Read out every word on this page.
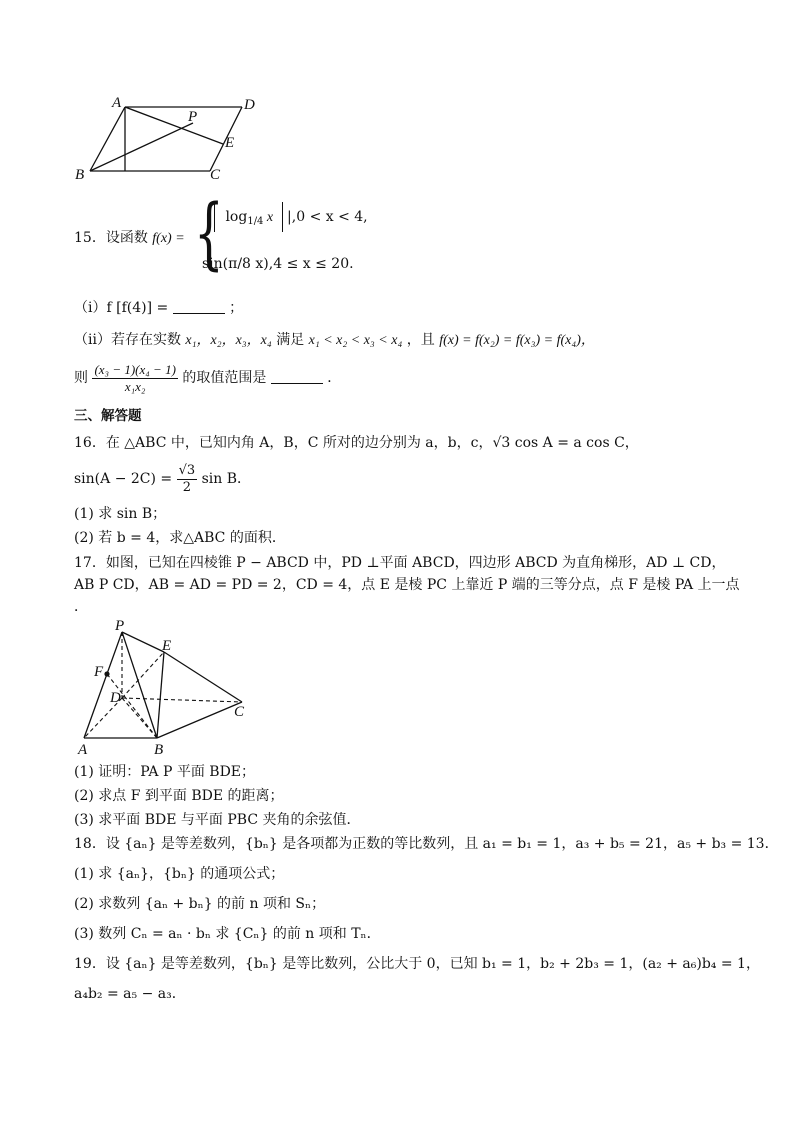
A	D
P
E
B	C
15．设函数 f(x) = { $\log_{1/4} x$ |,0 < x < 4,
sin(π/8 x),4 ≤ x ≤ 20.
（ⅰ）f [f(4)] =	；
（ⅱ）若存在实数 x₁，x₂，x₃，x₄ 满足 x₁ < x₂ < x₃ < x₄ ，且 f(x) = f(x₂) = f(x₃) = f(x₄)，
则 $\frac{\text{(x₃ − 1)(x₄ − 1)}}{\text{x₁x₂}}$ 的取值范围是	．
三、解答题
16．在 △ABC 中，已知内角 A，B，C 所对的边分别为 a，b，c，√3 cos A = a cos C，
$\sin(A - 2C) = \frac{√3}{2}$ sin B．
(1) 求 sin B；
(2) 若 b = 4，求△ABC 的面积．
17．如图，已知在四棱锥 P − ABCD 中，PD ⊥平面 ABCD，四边形 ABCD 为直角梯形，AD ⊥ CD，
AB P CD，AB = AD = PD = 2，CD = 4，点 E 是棱 PC 上靠近 P 端的三等分点，点 F 是棱 PA 上一点
．
P
E
F
D
C
A	B
(1) 证明：PA P 平面 BDE；
(2) 求点 F 到平面 BDE 的距离；
(3) 求平面 BDE 与平面 PBC 夹角的余弦值．
18．设 {aₙ} 是等差数列，{bₙ} 是各项都为正数的等比数列，且 a₁ = b₁ = 1，a₃ + b₅ = 21，a₅ + b₃ = 13．
(1) 求 {aₙ}，{bₙ} 的通项公式；
(2) 求数列 {aₙ + bₙ} 的前 n 项和 Sₙ；
(3) 数列 Cₙ = aₙ · bₙ 求 {Cₙ} 的前 n 项和 Tₙ．
19．设 {aₙ} 是等差数列，{bₙ} 是等比数列，公比大于 0，已知 b₁ = 1，b₂ + 2b₃ = 1，(a₂ + a₆)b₄ = 1，
a₄b₂ = a₅ − a₃．
